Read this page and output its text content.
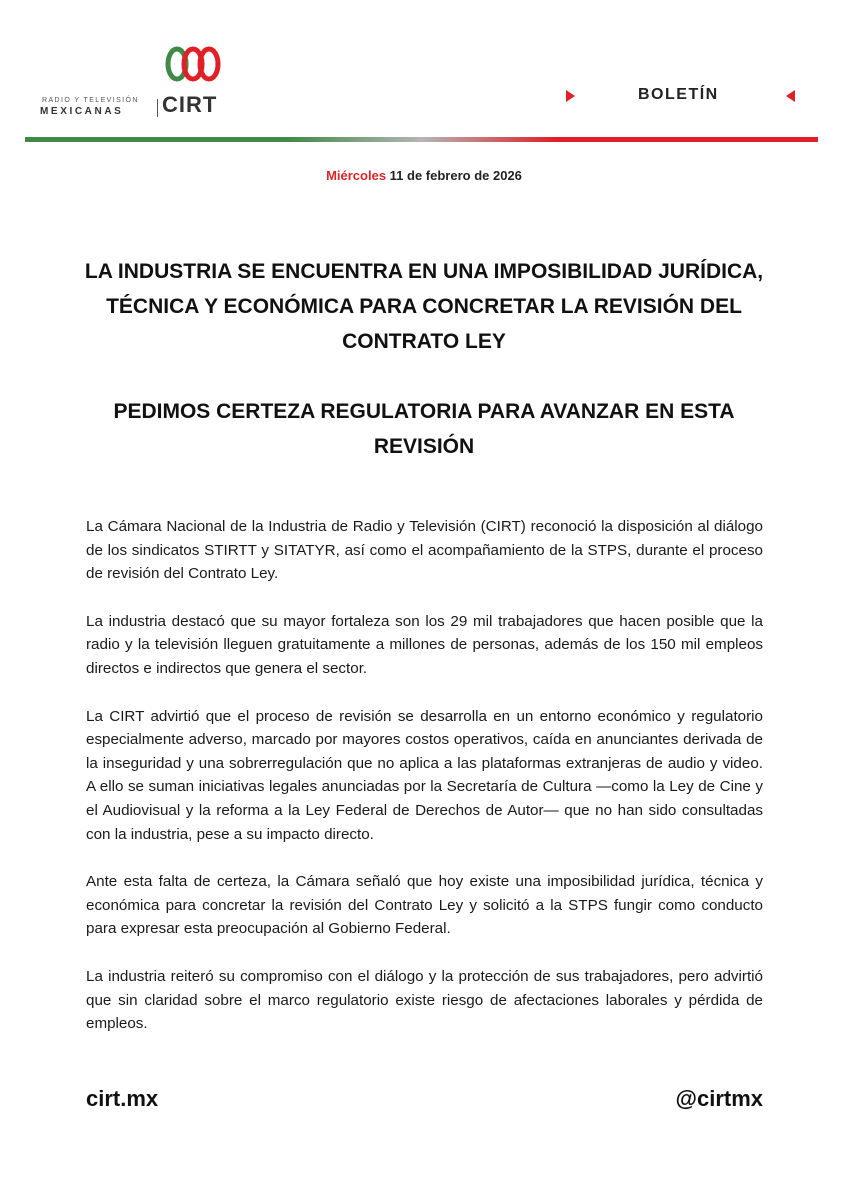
RADIO Y TELEVISIÓN
MEXICANAS CIRT	BOLETÍN
Miércoles 11 de febrero de 2026
LA INDUSTRIA SE ENCUENTRA EN UNA IMPOSIBILIDAD JURÍDICA, TÉCNICA Y ECONÓMICA PARA CONCRETAR LA REVISIÓN DEL CONTRATO LEY
PEDIMOS CERTEZA REGULATORIA PARA AVANZAR EN ESTA REVISIÓN

La Cámara Nacional de la Industria de Radio y Televisión (CIRT) reconoció la disposición al diálogo de los sindicatos STIRTT y SITATYR, así como el acompañamiento de la STPS, durante el proceso de revisión del Contrato Ley.

La industria destacó que su mayor fortaleza son los 29 mil trabajadores que hacen posible que la radio y la televisión lleguen gratuitamente a millones de personas, además de los 150 mil empleos directos e indirectos que genera el sector.

La CIRT advirtió que el proceso de revisión se desarrolla en un entorno económico y regulatorio especialmente adverso, marcado por mayores costos operativos, caída en anunciantes derivada de la inseguridad y una sobrerregulación que no aplica a las plataformas extranjeras de audio y video. A ello se suman iniciativas legales anunciadas por la Secretaría de Cultura —como la Ley de Cine y el Audiovisual y la reforma a la Ley Federal de Derechos de Autor— que no han sido consultadas con la industria, pese a su impacto directo.

Ante esta falta de certeza, la Cámara señaló que hoy existe una imposibilidad jurídica, técnica y económica para concretar la revisión del Contrato Ley y solicitó a la STPS fungir como conducto para expresar esta preocupación al Gobierno Federal.

La industria reiteró su compromiso con el diálogo y la protección de sus trabajadores, pero advirtió que sin claridad sobre el marco regulatorio existe riesgo de afectaciones laborales y pérdida de empleos.

cirt.mx	@cirtmx
